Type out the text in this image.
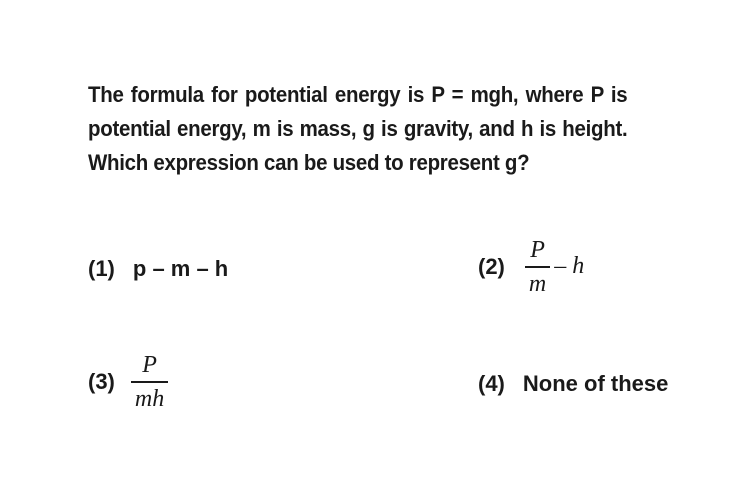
The formula for potential energy is P = mgh, where P is potential energy, m is mass, g is gravity, and h is height. Which expression can be used to represent g?
(1) p – m – h	$(2) \frac{P}{m}$ – h
$(3) \frac{P}{mh}$	(4) None of these
